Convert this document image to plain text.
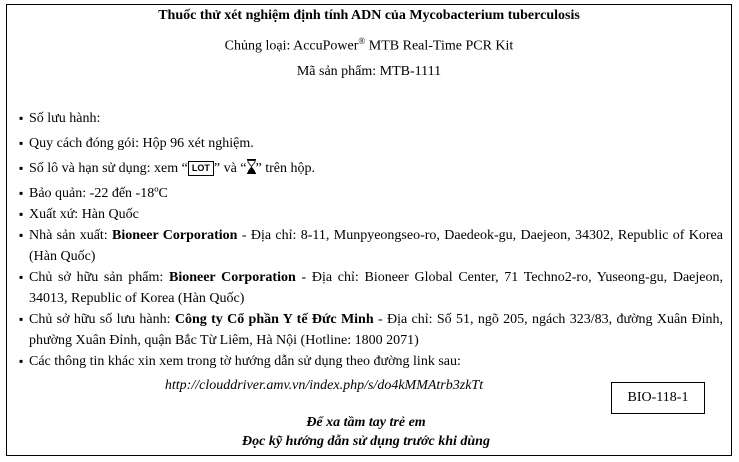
Thuốc thử xét nghiệm định tính ADN của Mycobacterium tuberculosis
Chủng loại: AccuPower® MTB Real-Time PCR Kit
Mã sản phẩm: MTB-1111
▪ Số lưu hành:
▪ Quy cách đóng gói: Hộp 96 xét nghiệm.
▪ Số lô và hạn sử dụng: xem “ LOT ” và “ ” trên hộp.
▪ Bảo quản: -22 đến -18ºC
▪ Xuất xứ: Hàn Quốc
▪ Nhà sản xuất: Bioneer Corporation - Địa chỉ: 8-11, Munpyeongseo-ro, Daedeok-gu, Daejeon, 34302, Republic of Korea (Hàn Quốc)
▪ Chủ sở hữu sản phẩm: Bioneer Corporation - Địa chỉ: Bioneer Global Center, 71 Techno2-ro, Yuseong-gu, Daejeon, 34013, Republic of Korea (Hàn Quốc)
▪ Chủ sở hữu số lưu hành: Công ty Cổ phần Y tế Đức Minh - Địa chỉ: Số 51, ngõ 205, ngách 323/83, đường Xuân Đỉnh, phường Xuân Đỉnh, quận Bắc Từ Liêm, Hà Nội (Hotline: 1800 2071)
▪ Các thông tin khác xin xem trong tờ hướng dẫn sử dụng theo đường link sau:
http://clouddriver.amv.vn/index.php/s/do4kMMAtrb3zkTt
BIO-118-1
Để xa tầm tay trẻ em
Đọc kỹ hướng dẫn sử dụng trước khi dùng
